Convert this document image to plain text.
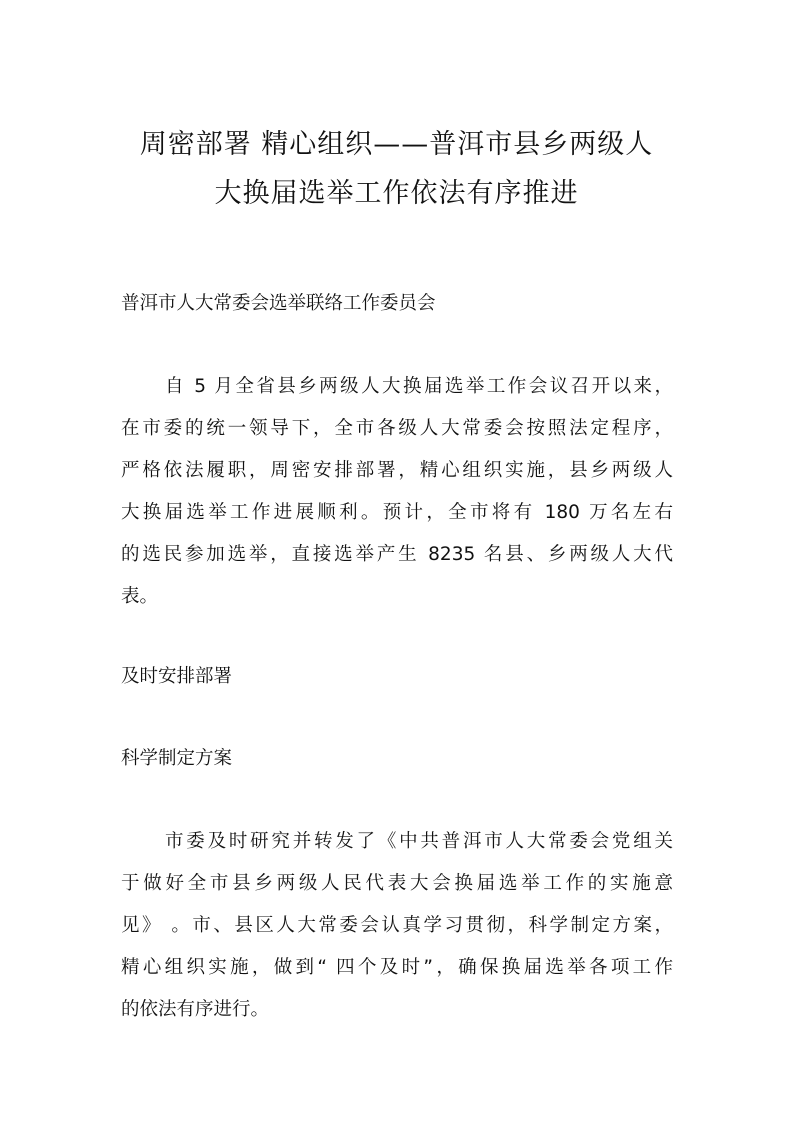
周密部署 精心组织——普洱市县乡两级人
大换届选举工作依法有序推进

普洱市人大常委会选举联络工作委员会

自 5 月全省县乡两级人大换届选举工作会议召开以来，

在市委的统一领导下，全市各级人大常委会按照法定程序，

严格依法履职，周密安排部署，精心组织实施，县乡两级人

大换届选举工作进展顺利。预计，全市将有 180 万名左右

的选民参加选举，直接选举产生 8235 名县、乡两级人大代

表。

及时安排部署

科学制定方案

市委及时研究并转发了《中共普洱市人大常委会党组关

于做好全市县乡两级人民代表大会换届选举工作的实施意

见》 。市、县区人大常委会认真学习贯彻，科学制定方案，

精心组织实施，做到“ 四个及时”，确保换届选举各项工作

的依法有序进行。
